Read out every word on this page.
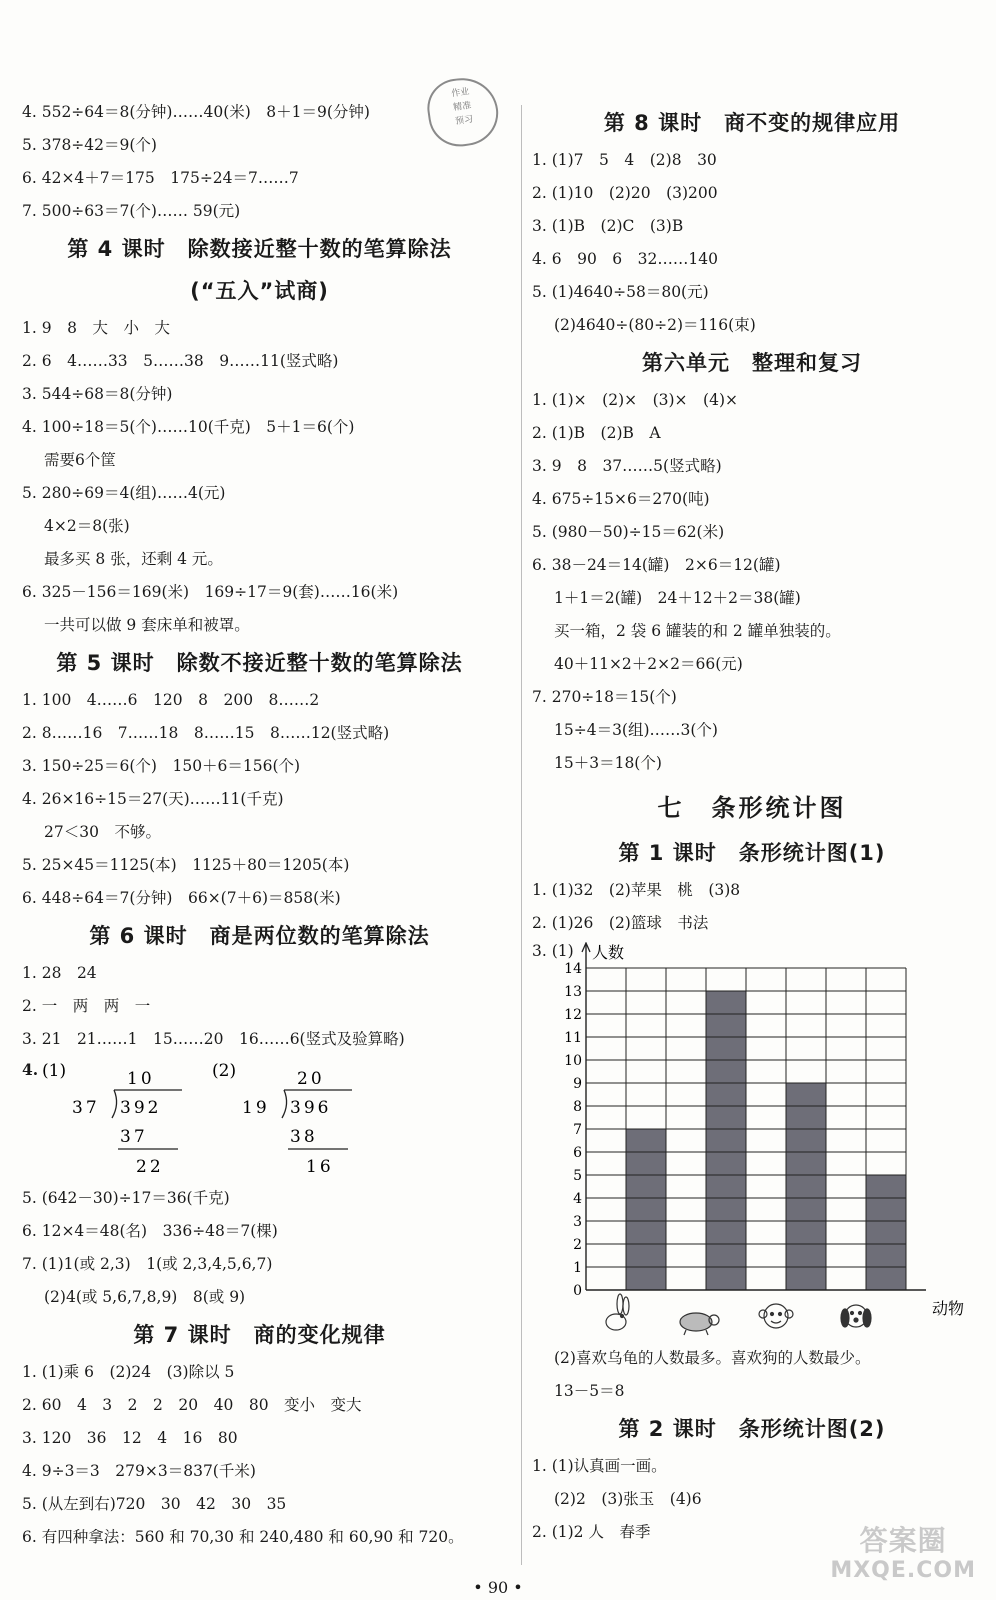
作业
精准
预习
4. 552÷64＝8(分钟)……40(米)　8＋1＝9(分钟)
5. 378÷42＝9(个)
6. 42×4＋7＝175　175÷24＝7……7
7. 500÷63＝7(个)…… 59(元)
第 4 课时　除数接近整十数的笔算除法
(“五入”试商)
1. 9　8　大　小　大
2. 6　4……33　5……38　9……11(竖式略)
3. 544÷68＝8(分钟)
4. 100÷18＝5(个)……10(千克)　5＋1＝6(个)
需要6个筐
5. 280÷69＝4(组)……4(元)
4×2＝8(张)
最多买 8 张，还剩 4 元。
6. 325－156＝169(米)　169÷17＝9(套)……16(米)
一共可以做 9 套床单和被罩。
第 5 课时　除数不接近整十数的笔算除法
1. 100　4……6　120　8　200　8……2
2. 8……16　7……18　8……15　8……12(竖式略)
3. 150÷25＝6(个)　150＋6＝156(个)
4. 26×16÷15＝27(天)……11(千克)
27＜30　不够。
5. 25×45＝1125(本)　1125＋80＝1205(本)
6. 448÷64＝7(分钟)　66×(7＋6)＝858(米)
第 6 课时　商是两位数的笔算除法
1. 28　24
2. 一　两　两　一
3. 21　21……1　15……20　16……6(竖式及验算略)
4. (1)	10
37 392
37
22
(2)	20
19 396
38
16
5. (642－30)÷17＝36(千克)
6. 12×4＝48(名)　336÷48＝7(棵)
7. (1)1(或 2,3)　1(或 2,3,4,5,6,7)
(2)4(或 5,6,7,8,9)　8(或 9)
第 7 课时　商的变化规律
1. (1)乘 6　(2)24　(3)除以 5
2. 60　4　3　2　2　20　40　80　变小　变大
3. 120　36　12　4　16　80
4. 9÷3＝3　279×3＝837(千米)
5. (从左到右)720　30　42　30　35
6. 有四种拿法：560 和 70,30 和 240,480 和 60,90 和 720。
第 8 课时　商不变的规律应用
1. (1)7　5　4　(2)8　30
2. (1)10　(2)20　(3)200
3. (1)B　(2)C　(3)B
4. 6　90　6　32……140
5. (1)4640÷58＝80(元)
(2)4640÷(80÷2)＝116(束)
第六单元　整理和复习
1. (1)×　(2)×　(3)×　(4)×
2. (1)B　(2)B　A
3. 9　8　37……5(竖式略)
4. 675÷15×6＝270(吨)
5. (980－50)÷15＝62(米)
6. 38－24＝14(罐)　2×6＝12(罐)
1＋1＝2(罐)　24＋12＋2＝38(罐)
买一箱，2 袋 6 罐装的和 2 罐单独装的。
40＋11×2＋2×2＝66(元)
7. 270÷18＝15(个)
15÷4＝3(组)……3(个)
15＋3＝18(个)
七　条形统计图
第 1 课时　条形统计图(1)
1. (1)32　(2)苹果　桃　(3)8
2. (1)26　(2)篮球　书法
3. (1) 人数
动物
0
1
2
3
4
5
6
7
8
9
10
11
12
13
14
(2)喜欢乌龟的人数最多。喜欢狗的人数最少。
13－5＝8
第 2 课时　条形统计图(2)
1. (1)认真画一画。
(2)2　(3)张玉　(4)6
2. (1)2 人　春季
• 90 •
答案圈
MXQE.COM
